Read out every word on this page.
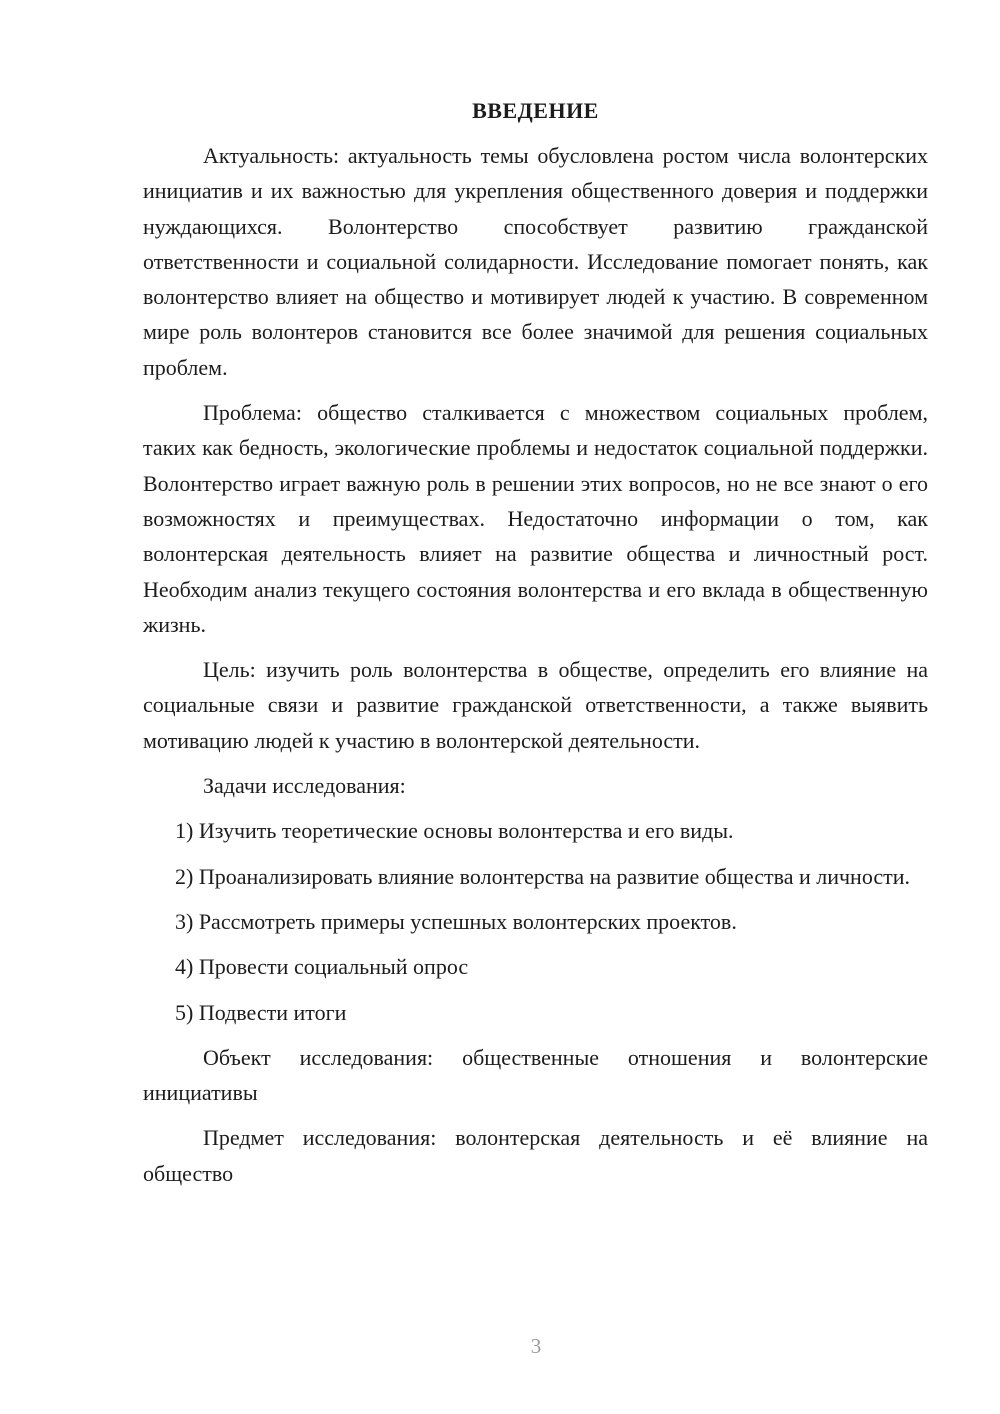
ВВЕДЕНИЕ

Актуальность: актуальность темы обусловлена ростом числа волонтерских инициатив и их важностью для укрепления общественного доверия и поддержки нуждающихся. Волонтерство способствует развитию гражданской ответственности и социальной солидарности. Исследование помогает понять, как волонтерство влияет на общество и мотивирует людей к участию. В современном мире роль волонтеров становится все более значимой для решения социальных проблем.

Проблема: общество сталкивается с множеством социальных проблем, таких как бедность, экологические проблемы и недостаток социальной поддержки. Волонтерство играет важную роль в решении этих вопросов, но не все знают о его возможностях и преимуществах. Недостаточно информации о том, как волонтерская деятельность влияет на развитие общества и личностный рост. Необходим анализ текущего состояния волонтерства и его вклада в общественную жизнь.

Цель: изучить роль волонтерства в обществе, определить его влияние на социальные связи и развитие гражданской ответственности, а также выявить мотивацию людей к участию в волонтерской деятельности.

Задачи исследования:

1) Изучить теоретические основы волонтерства и его виды.

2) Проанализировать влияние волонтерства на развитие общества и личности.

3) Рассмотреть примеры успешных волонтерских проектов.

4) Провести социальный опрос

5) Подвести итоги

Объект исследования: общественные отношения и волонтерские инициативы

Предмет исследования: волонтерская деятельность и её влияние на общество

3
